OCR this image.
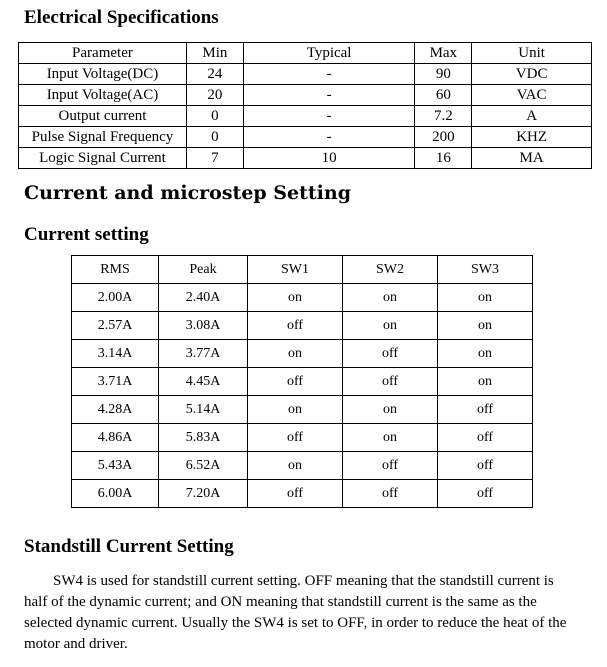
Electrical Specifications
Parameter	Min	Typical	Max	Unit
Input Voltage(DC)	24	-	90	VDC
Input Voltage(AC)	20	-	60	VAC
Output current	0	-	7.2	A
Pulse Signal Frequency	0	-	200	KHZ
Logic Signal Current	7	10	16	MA
Current and microstep Setting
Current setting
RMS	Peak	SW1	SW2	SW3
2.00A	2.40A	on	on	on
2.57A	3.08A	off	on	on
3.14A	3.77A	on	off	on
3.71A	4.45A	off	off	on
4.28A	5.14A	on	on	off
4.86A	5.83A	off	on	off
5.43A	6.52A	on	off	off
6.00A	7.20A	off	off	off
Standstill Current Setting

SW4 is used for standstill current setting. OFF meaning that the standstill current is half of the dynamic current; and ON meaning that standstill current is the same as the selected dynamic current. Usually the SW4 is set to OFF, in order to reduce the heat of the motor and driver.
